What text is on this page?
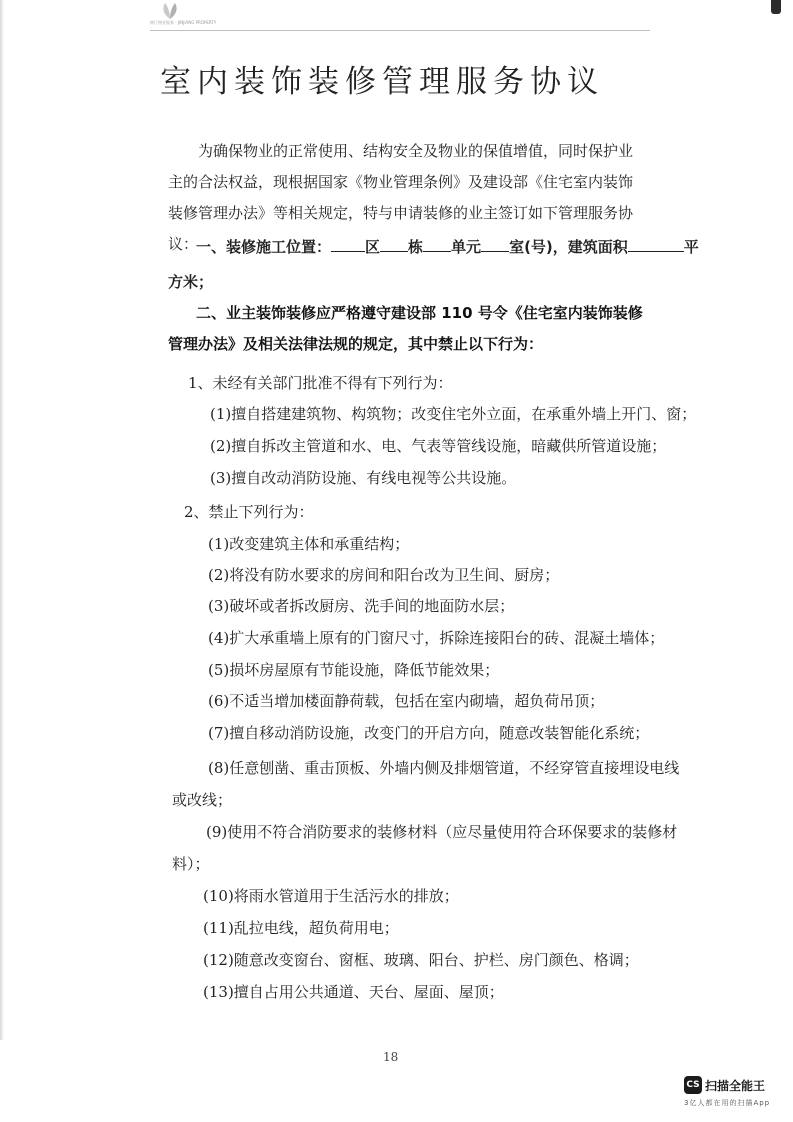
锦江物业服务 · JINJIANG PROPERTY
室内装饰装修管理服务协议
为确保物业的正常使用、结构安全及物业的保值增值，同时保护业主的合法权益，现根据国家《物业管理条例》及建设部《住宅室内装饰装修管理办法》等相关规定，特与申请装修的业主签订如下管理服务协议：
一、装修施工位置： 区 栋 单元 室(号)，建筑面积	平
方米；
二、业主装饰装修应严格遵守建设部 110 号令《住宅室内装饰装修管理办法》及相关法律法规的规定，其中禁止以下行为：
1、未经有关部门批准不得有下列行为：
(1)擅自搭建建筑物、构筑物；改变住宅外立面，在承重外墙上开门、窗；
(2)擅自拆改主管道和水、电、气表等管线设施，暗藏供所管道设施；
(3)擅自改动消防设施、有线电视等公共设施。
2、禁止下列行为：
(1)改变建筑主体和承重结构；
(2)将没有防水要求的房间和阳台改为卫生间、厨房；
(3)破坏或者拆改厨房、洗手间的地面防水层；
(4)扩大承重墙上原有的门窗尺寸，拆除连接阳台的砖、混凝土墙体；
(5)损坏房屋原有节能设施，降低节能效果；
(6)不适当增加楼面静荷载，包括在室内砌墙，超负荷吊顶；
(7)擅自移动消防设施，改变门的开启方向，随意改装智能化系统；
(8)任意刨凿、重击顶板、外墙内侧及排烟管道，不经穿管直接埋设电线
或改线；
(9)使用不符合消防要求的装修材料（应尽量使用符合环保要求的装修材
料）；
(10)将雨水管道用于生活污水的排放；
(11)乱拉电线，超负荷用电；
(12)随意改变窗台、窗框、玻璃、阳台、护栏、房门颜色、格调；
(13)擅自占用公共通道、天台、屋面、屋顶；
18
CS 扫描全能王
3亿人都在用的扫描App
